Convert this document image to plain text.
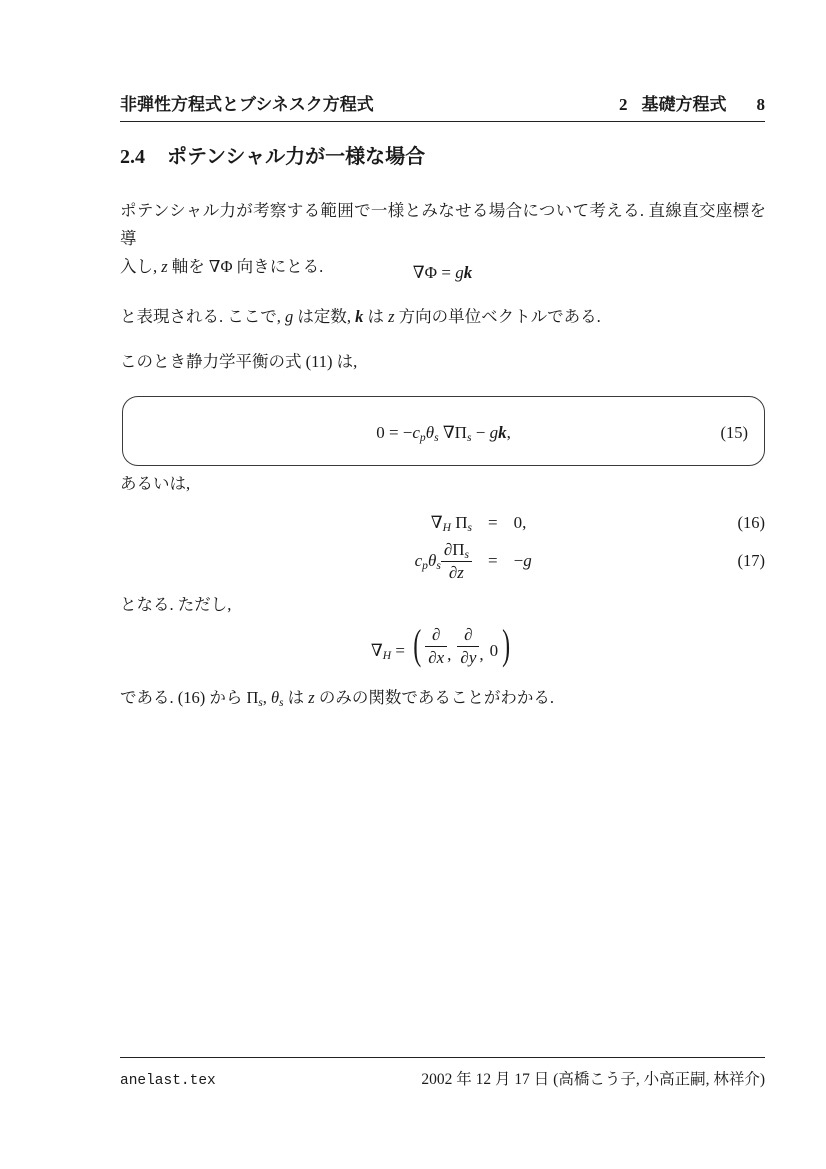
非弾性方程式とブシネスク方程式	2 基礎方程式 8
2.4 ポテンシャル力が一様な場合
ポテンシャル力が考察する範囲で一様とみなせる場合について考える. 直線直交座標を導
入し, z 軸を ∇Φ 向きにとる.	∇Φ = gk
と表現される. ここで, g は定数, k は z 方向の単位ベクトルである.
このとき静力学平衡の式 (11) は,
$0 = -c_p\theta_s$ $\nabla\Pi_s$ − gk,	(15)
あるいは,
$\nabla_H$ $\Pi_s = 0$,	(16)
$c_p\theta_s \frac{\partial\Pi_s}{\partial z} = -g$	(17)
となる. ただし,
$\nabla_H$ = ( $\frac{\partial}{\partial x}$ , $\frac{\partial}{\partial y}$ , 0 )
である. (16) から $\Pi_s$, $\theta_s$ は z のみの関数であることがわかる.
anelast.tex	2002 年 12 月 17 日 (高橋こう子, 小高正嗣, 林祥介)
